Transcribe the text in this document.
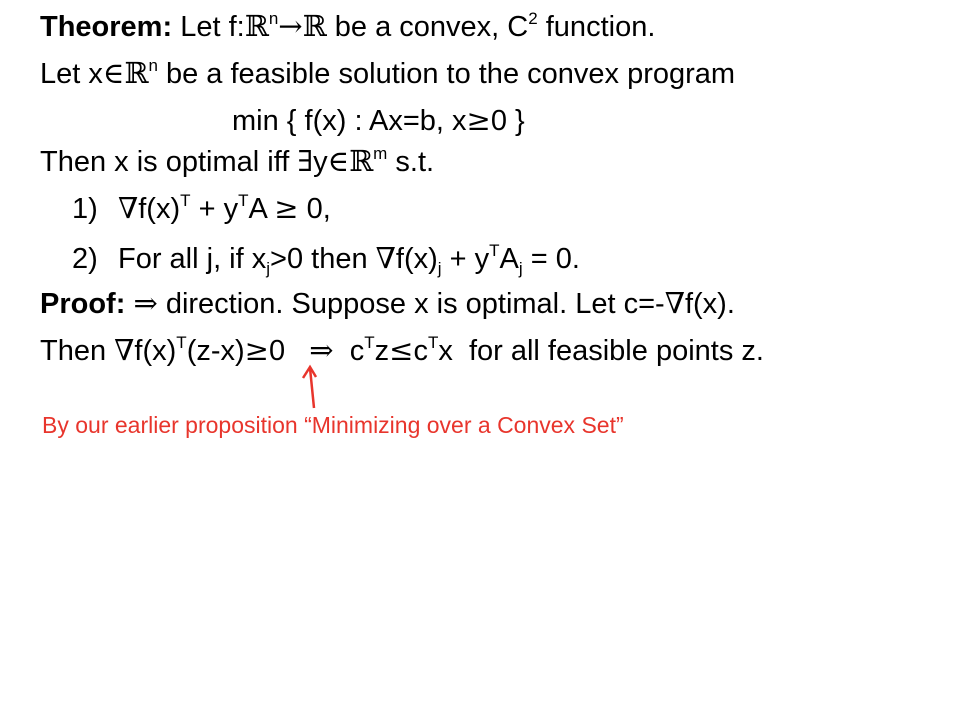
Theorem: Let f:ℝ$^n$→ℝ be a convex, $C^2$ function.
Let x∈ℝ$^n$ be a feasible solution to the convex program
min { f(x) : Ax=b, x≥0 }
Then x is optimal iff ∃y∈ℝ$^m$ s.t.
1) $\nabla f(x)^T + y^TA \ge 0$,
2) For all j, if $x_j>0$ then $\nabla f(x)_j + y^TA_j = 0$.
Proof: ⇒ direction. Suppose x is optimal. Let c=-∇f(x).
Then $\nabla f(x)^T(z-x)\ge 0$ ⇒ $c^Tz\le c^Tx$ for all feasible points z.
By our earlier proposition “Minimizing over a Convex Set”
